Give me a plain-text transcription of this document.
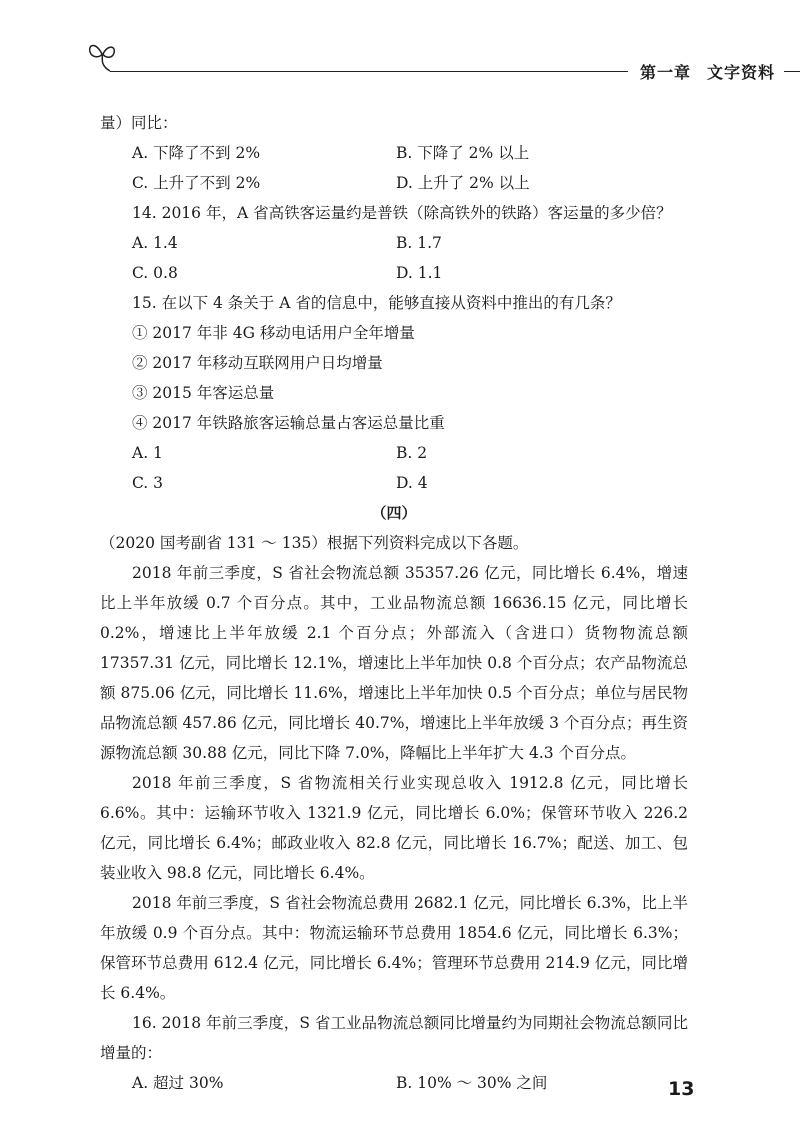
第一章 文字资料
量）同比：
A. 下降了不到 2%	B. 下降了 2% 以上
C. 上升了不到 2%	D. 上升了 2% 以上
14. 2016 年，A 省高铁客运量约是普铁（除高铁外的铁路）客运量的多少倍？
A. 1.4	B. 1.7
C. 0.8	D. 1.1
15. 在以下 4 条关于 A 省的信息中，能够直接从资料中推出的有几条？
① 2017 年非 4G 移动电话用户全年增量
② 2017 年移动互联网用户日均增量
③ 2015 年客运总量
④ 2017 年铁路旅客运输总量占客运总量比重
A. 1	B. 2
C. 3	D. 4
（四）
（2020 国考副省 131 ～ 135）根据下列资料完成以下各题。

2018 年前三季度，S 省社会物流总额 35357.26 亿元，同比增长 6.4%，增速比上半年放缓 0.7 个百分点。其中，工业品物流总额 16636.15 亿元，同比增长 0.2%，增速比上半年放缓 2.1 个百分点；外部流入（含进口）货物物流总额 17357.31 亿元，同比增长 12.1%，增速比上半年加快 0.8 个百分点；农产品物流总额 875.06 亿元，同比增长 11.6%，增速比上半年加快 0.5 个百分点；单位与居民物品物流总额 457.86 亿元，同比增长 40.7%，增速比上半年放缓 3 个百分点；再生资源物流总额 30.88 亿元，同比下降 7.0%，降幅比上半年扩大 4.3 个百分点。

2018 年前三季度，S 省物流相关行业实现总收入 1912.8 亿元，同比增长 6.6%。其中：运输环节收入 1321.9 亿元，同比增长 6.0%；保管环节收入 226.2 亿元，同比增长 6.4%；邮政业收入 82.8 亿元，同比增长 16.7%；配送、加工、包装业收入 98.8 亿元，同比增长 6.4%。

2018 年前三季度，S 省社会物流总费用 2682.1 亿元，同比增长 6.3%，比上半年放缓 0.9 个百分点。其中：物流运输环节总费用 1854.6 亿元，同比增长 6.3%；保管环节总费用 612.4 亿元，同比增长 6.4%；管理环节总费用 214.9 亿元，同比增长 6.4%。

16. 2018 年前三季度，S 省工业品物流总额同比增量约为同期社会物流总额同比增量的：

A. 超过 30%	B. 10% ～ 30% 之间	13
